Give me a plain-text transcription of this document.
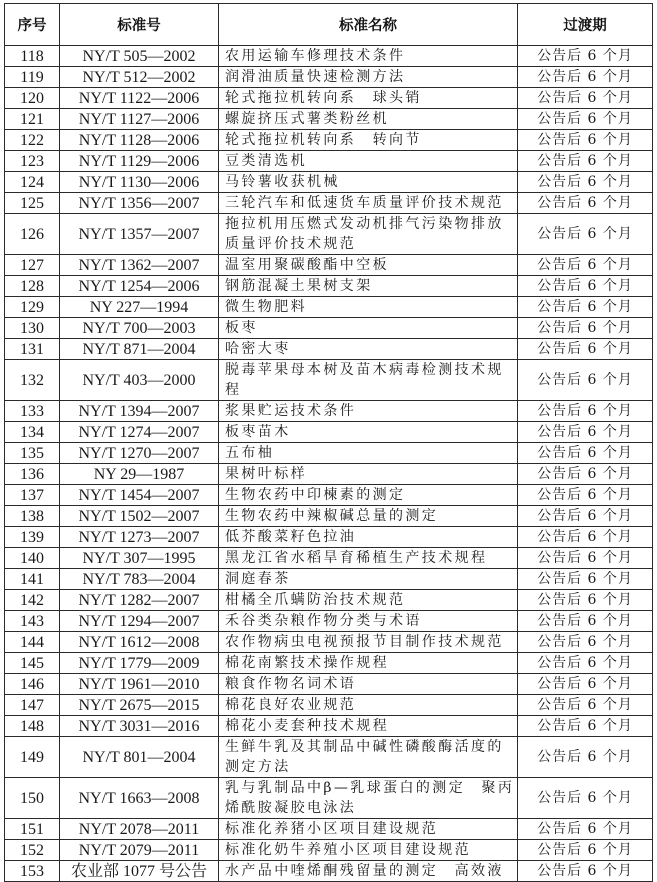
序号	标准号	标准名称	过渡期
118	NY/T 505—2002	农用运输车修理技术条件	公告后 6 个月
119	NY/T 512—2002	润滑油质量快速检测方法	公告后 6 个月
120	NY/T 1122—2006	轮式拖拉机转向系　球头销	公告后 6 个月
121	NY/T 1127—2006	螺旋挤压式薯类粉丝机	公告后 6 个月
122	NY/T 1128—2006	轮式拖拉机转向系　转向节	公告后 6 个月
123	NY/T 1129—2006	豆类清选机	公告后 6 个月
124	NY/T 1130—2006	马铃薯收获机械	公告后 6 个月
125	NY/T 1356—2007	三轮汽车和低速货车质量评价技术规范	公告后 6 个月
126	NY/T 1357—2007	拖拉机用压燃式发动机排气污染物排放质量评价技术规范	公告后 6 个月
127	NY/T 1362—2007	温室用聚碳酸酯中空板	公告后 6 个月
128	NY/T 1254—2006	钢筋混凝土果树支架	公告后 6 个月
129	NY 227—1994	微生物肥料	公告后 6 个月
130	NY/T 700—2003	板枣	公告后 6 个月
131	NY/T 871—2004	哈密大枣	公告后 6 个月
132	NY/T 403—2000	脱毒苹果母本树及苗木病毒检测技术规程	公告后 6 个月
133	NY/T 1394—2007	浆果贮运技术条件	公告后 6 个月
134	NY/T 1274—2007	板枣苗木	公告后 6 个月
135	NY/T 1270—2007	五布柚	公告后 6 个月
136	NY 29—1987	果树叶标样	公告后 6 个月
137	NY/T 1454—2007	生物农药中印楝素的测定	公告后 6 个月
138	NY/T 1502—2007	生物农药中辣椒碱总量的测定	公告后 6 个月
139	NY/T 1273—2007	低芥酸菜籽色拉油	公告后 6 个月
140	NY/T 307—1995	黑龙江省水稻旱育稀植生产技术规程	公告后 6 个月
141	NY/T 783—2004	洞庭春茶	公告后 6 个月
142	NY/T 1282—2007	柑橘全爪螨防治技术规范	公告后 6 个月
143	NY/T 1294—2007	禾谷类杂粮作物分类与术语	公告后 6 个月
144	NY/T 1612—2008	农作物病虫电视预报节目制作技术规范	公告后 6 个月
145	NY/T 1779—2009	棉花南繁技术操作规程	公告后 6 个月
146	NY/T 1961—2010	粮食作物名词术语	公告后 6 个月
147	NY/T 2675—2015	棉花良好农业规范	公告后 6 个月
148	NY/T 3031—2016	棉花小麦套种技术规程	公告后 6 个月
149	NY/T 801—2004	生鲜牛乳及其制品中碱性磷酸酶活度的测定方法	公告后 6 个月
150	NY/T 1663—2008	乳与乳制品中β—乳球蛋白的测定　聚丙烯酰胺凝胶电泳法	公告后 6 个月
151	NY/T 2078—2011	标准化养猪小区项目建设规范	公告后 6 个月
152	NY/T 2079—2011	标准化奶牛养殖小区项目建设规范	公告后 6 个月
153	农业部 1077 号公告	水产品中喹烯酮残留量的测定　高效液	公告后 6 个月
